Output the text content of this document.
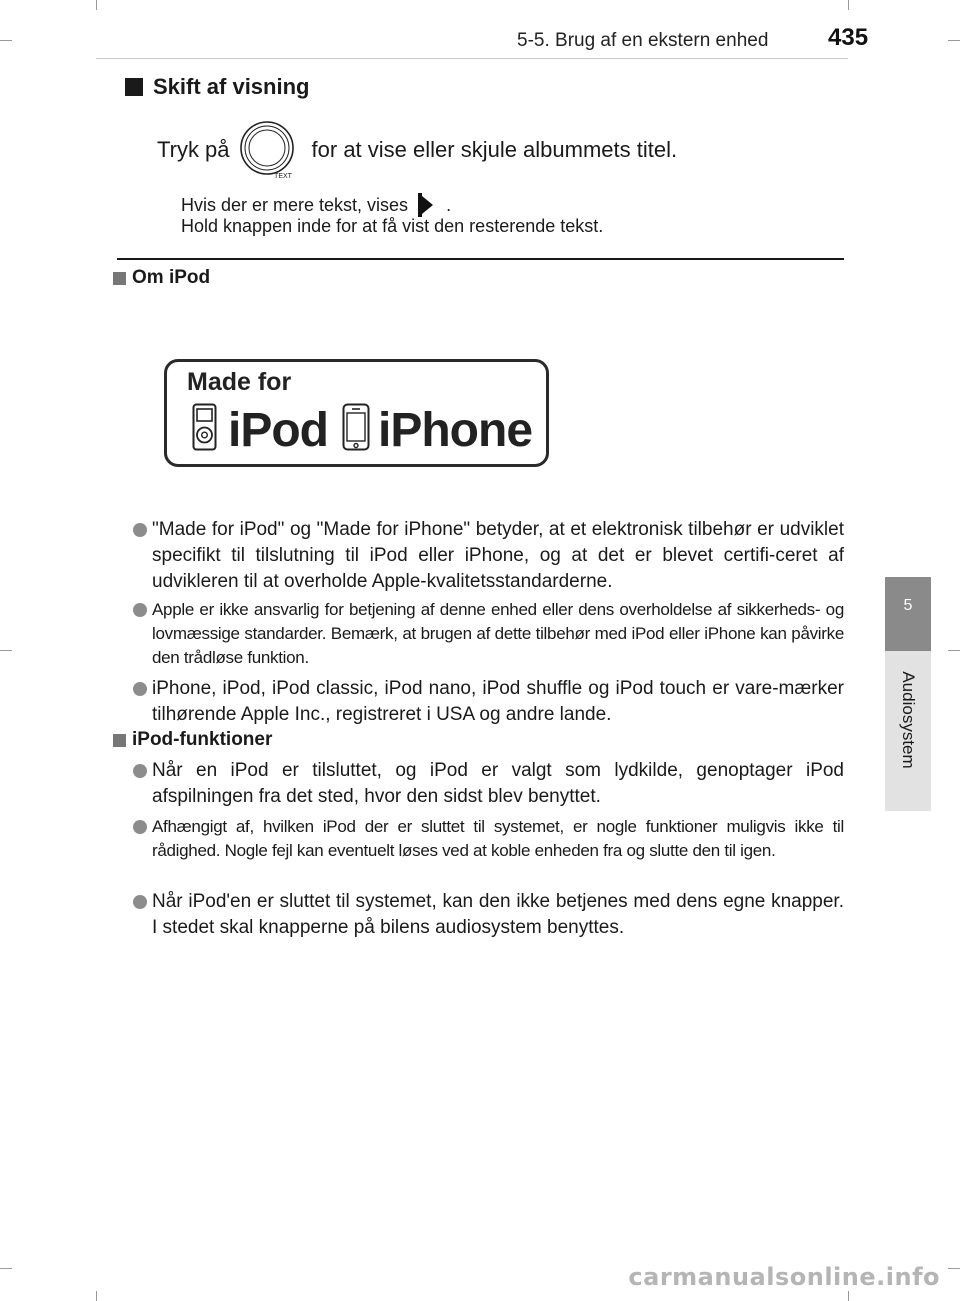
5-5. Brug af en ekstern enhed 435
5
Audiosystem
Skift af visning
Tryk på
TEXT
for at vise eller skjule albummets titel.
Hvis der er mere tekst, vises .
Hold knappen inde for at få vist den resterende tekst.
Om iPod
Made for
iPod iPhone
"Made for iPod" og "Made for iPhone" betyder, at et elektronisk tilbehør er udviklet specifikt til tilslutning til iPod eller iPhone, og at det er blevet certifi-ceret af udvikleren til at overholde Apple-kvalitetsstandarderne.
Apple er ikke ansvarlig for betjening af denne enhed eller dens overholdelse af sikkerheds- og lovmæssige standarder. Bemærk, at brugen af dette tilbehør med iPod eller iPhone kan påvirke den trådløse funktion.
iPhone, iPod, iPod classic, iPod nano, iPod shuffle og iPod touch er vare-mærker tilhørende Apple Inc., registreret i USA og andre lande.
iPod-funktioner
Når en iPod er tilsluttet, og iPod er valgt som lydkilde, genoptager iPod afspilningen fra det sted, hvor den sidst blev benyttet.
Afhængigt af, hvilken iPod der er sluttet til systemet, er nogle funktioner muligvis ikke til rådighed. Nogle fejl kan eventuelt løses ved at koble enheden fra og slutte den til igen.
Når iPod'en er sluttet til systemet, kan den ikke betjenes med dens egne knapper. I stedet skal knapperne på bilens audiosystem benyttes.
carmanualsonline.info
